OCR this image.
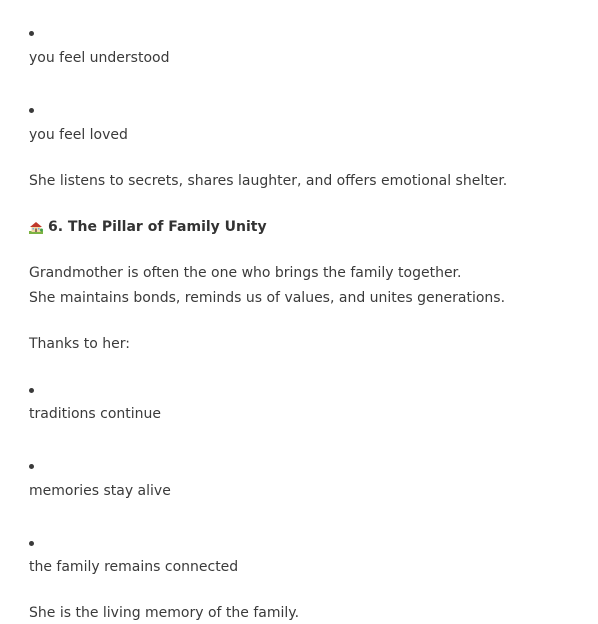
you feel understood
you feel loved
She listens to secrets, shares laughter, and offers emotional shelter.
6. The Pillar of Family Unity
Grandmother is often the one who brings the family together.
She maintains bonds, reminds us of values, and unites generations.
Thanks to her:
traditions continue
memories stay alive
the family remains connected
She is the living memory of the family.
